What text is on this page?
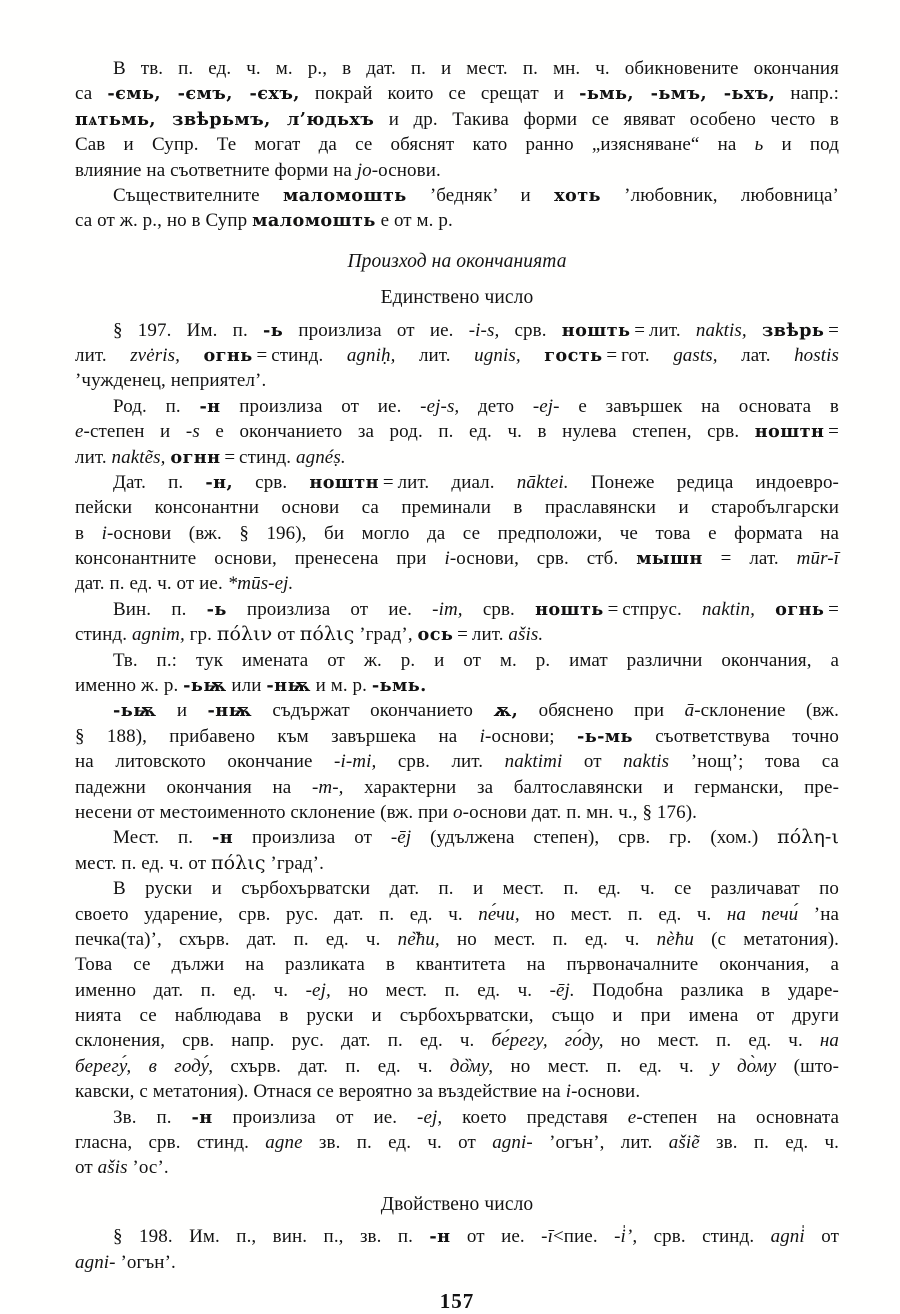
В тв. п. ед. ч. м. р., в дат. п. и мест. п. мн. ч. обикновените окончания
са -ємь, -ємъ, -єхъ, покрай които се срещат и -ьмь, -ьмъ, -ьхъ, напр.:
пѧтьмь, звѣрьмъ, л’юдьхъ и др. Такива форми се явяват особено често в
Сав и Супр. Те могат да се обяснят като ранно „изясняване“ на ь и под
влияние на съответните форми на jo-основи.
Съществителните маломошть ’бедняк’ и хоть ’любовник, любовница’
са от ж. р., но в Супр маломошть е от м. р.
Произход на окончанията
Единствено число
§ 197. Им. п. -ь произлиза от ие. -i-s, срв. ношть = лит. naktis, звѣрь =
лит. zvėris, огнь = стинд. agniḥ, лит. ugnis, гость = гот. gasts, лат. hostis
’чужденец, неприятел’.
Род. п. -н произлиза от ие. -ej-s, дето -ej- е завършек на основата в
е-степен и -s е окончанието за род. п. ед. ч. в нулева степен, срв. ноштн =
лит. naktẽs, огнн = стинд. agnéṣ.
Дат. п. -н, срв. ноштн = лит. диал. nāktei. Понеже редица индоевро-
пейски консонантни основи са преминали в праславянски и старобългарски
в i-основи (вж. § 196), би могло да се предположи, че това е формата на
консонантните основи, пренесена при i-основи, срв. стб. мышн = лат. mūr-ī
дат. п. ед. ч. от ие. *mūs-ej.
Вин. п. -ь произлиза от ие. -im, срв. ношть = стпрус. naktin, огнь =
стинд. agnim, гр. πόλιν от πόλις ’град’, ось = лит. ašis.
Тв. п.: тук имената от ж. р. и от м. р. имат различни окончания, а
именно ж. р. -ьѭ или -нѭ и м. р. -ьмь.
-ьѭ и -нѭ съдържат окончанието ѫ, обяснено при ā-склонение (вж.
§ 188), прибавено към завършека на i-основи; -ь-мь съответствува точно
на литовското окончание -i-mi, срв. лит. naktimi от naktis ’нощ’; това са
падежни окончания на -m-, характерни за балтославянски и германски, пре-
несени от местоименното склонение (вж. при o-основи дат. п. мн. ч., § 176).
Мест. п. -н произлиза от -ēj (удължена степен), срв. гр. (хом.) πόλη-ι
мест. п. ед. ч. от πόλις ’град’.
В руски и сърбохърватски дат. п. и мест. п. ед. ч. се различават по
своето ударение, срв. рус. дат. п. ед. ч. пе́чи, но мест. п. ед. ч. на печи́ ’на
печка(та)’, схърв. дат. п. ед. ч. пе̏ћи, но мест. п. ед. ч. пѐћи (с метатония).
Това се дължи на разликата в квантитета на първоначалните окончания, а
именно дат. п. ед. ч. -ej, но мест. п. ед. ч. -ēj. Подобна разлика в ударе-
нията се наблюдава в руски и сърбохърватски, също и при имена от други
склонения, срв. напр. рус. дат. п. ед. ч. бе́регу, го́ду, но мест. п. ед. ч. на
берегу́, в году́, схърв. дат. п. ед. ч. до̏му, но мест. п. ед. ч. у до̀му (што-
кавски, с метатония). Отнася се вероятно за въздействие на i-основи.
Зв. п. -н произлиза от ие. -ej, което представя е-степен на основната
гласна, срв. стинд. agne зв. п. ед. ч. от agni- ’огън’, лит. ašiẽ зв. п. ед. ч.
от ašis ’ос’.
Двойствено число
§ 198. Им. п., вин. п., зв. п. -н от ие. -ī<пие. -i̍’, срв. стинд. agni̍ от
agni- ’огън’.
157
